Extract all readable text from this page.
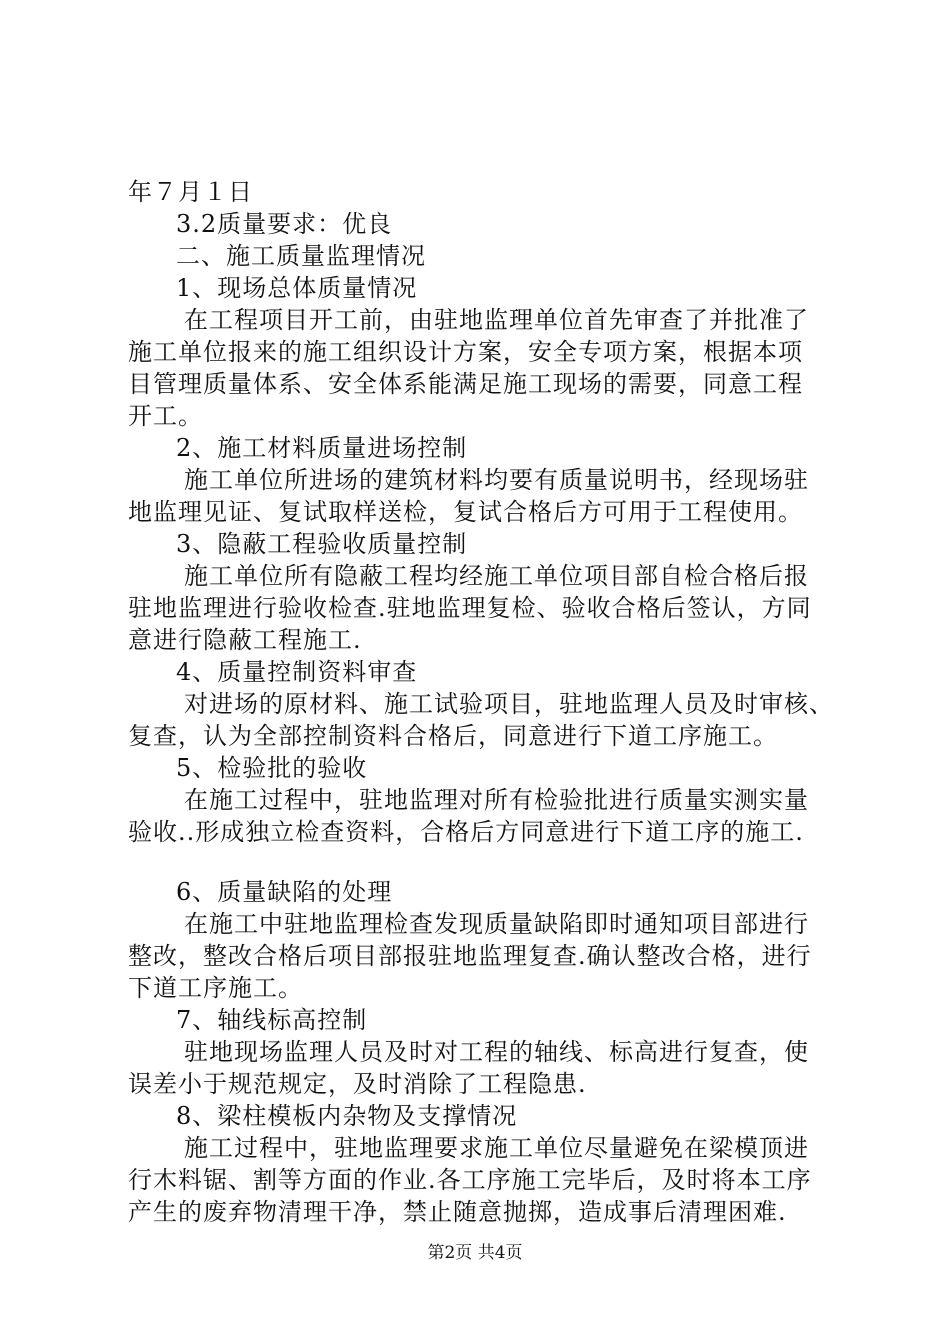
年７月１日
3.2质量要求：优良
二、施工质量监理情况
1、现场总体质量情况
在工程项目开工前，由驻地监理单位首先审查了并批准了
施工单位报来的施工组织设计方案，安全专项方案，根据本项
目管理质量体系、安全体系能满足施工现场的需要，同意工程
开工。
2、施工材料质量进场控制
施工单位所进场的建筑材料均要有质量说明书，经现场驻
地监理见证、复试取样送检，复试合格后方可用于工程使用。
3、隐蔽工程验收质量控制
施工单位所有隐蔽工程均经施工单位项目部自检合格后报
驻地监理进行验收检查.驻地监理复检、验收合格后签认，方同
意进行隐蔽工程施工.
4、质量控制资料审查
对进场的原材料、施工试验项目，驻地监理人员及时审核、
复查，认为全部控制资料合格后，同意进行下道工序施工。
5、检验批的验收
在施工过程中，驻地监理对所有检验批进行质量实测实量
验收..形成独立检查资料，合格后方同意进行下道工序的施工.
6、质量缺陷的处理
在施工中驻地监理检查发现质量缺陷即时通知项目部进行
整改，整改合格后项目部报驻地监理复查.确认整改合格，进行
下道工序施工。
7、轴线标高控制
驻地现场监理人员及时对工程的轴线、标高进行复查，使
误差小于规范规定，及时消除了工程隐患.
8、梁柱模板内杂物及支撑情况
施工过程中，驻地监理要求施工单位尽量避免在梁模顶进
行木料锯、割等方面的作业.各工序施工完毕后，及时将本工序
产生的废弃物清理干净，禁止随意抛掷，造成事后清理困难.
第2页 共4页
